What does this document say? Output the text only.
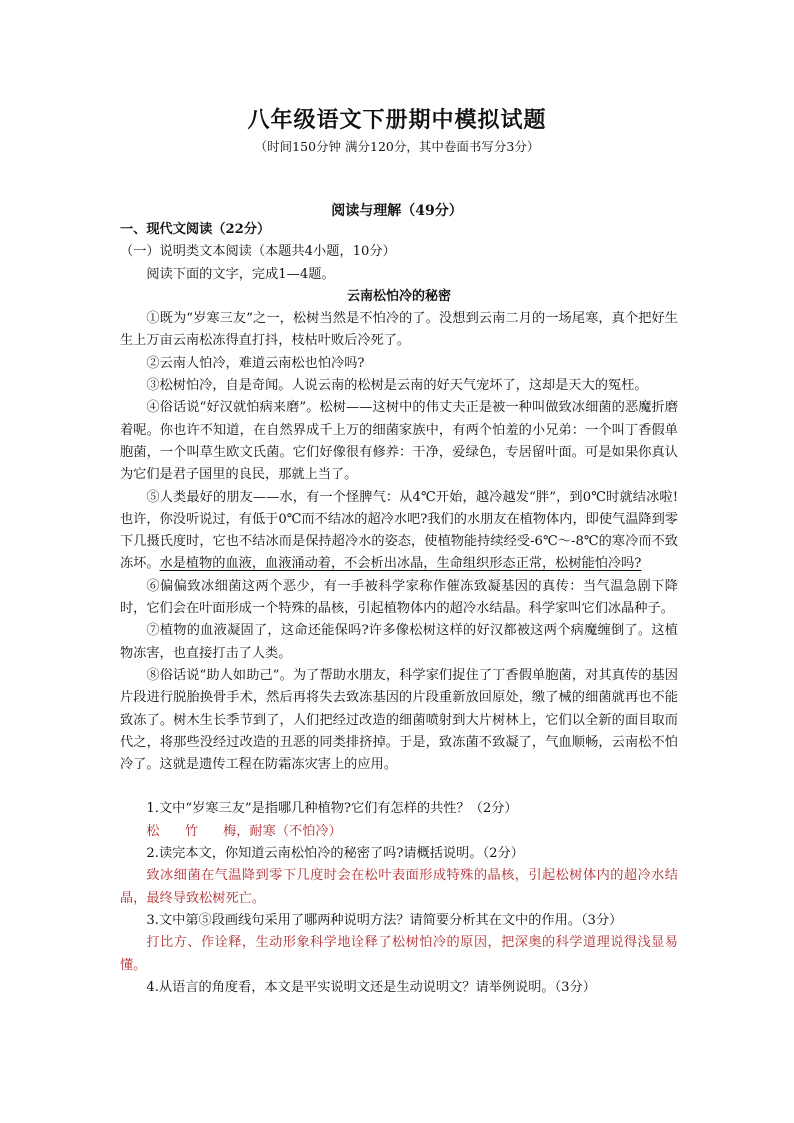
八年级语文下册期中模拟试题
（时间150分钟 满分120分，其中卷面书写分3分）
阅读与理解（49分）

一、现代文阅读（22分）

（一）说明类文本阅读（本题共4小题，10分）

阅读下面的文字，完成1—4题。

云南松怕冷的秘密

①既为“岁寒三友”之一，松树当然是不怕冷的了。没想到云南二月的一场尾寒，真个把好生生上万亩云南松冻得直打抖，枝枯叶败后冷死了。

②云南人怕冷，难道云南松也怕冷吗?

③松树怕冷，自是奇闻。人说云南的松树是云南的好天气宠坏了，这却是天大的冤枉。

④俗话说“好汉就怕病来磨”。松树——这树中的伟丈夫正是被一种叫做致冰细菌的恶魔折磨着呢。你也许不知道，在自然界成千上万的细菌家族中，有两个怕羞的小兄弟：一个叫丁香假单胞菌，一个叫草生欧文氏菌。它们好像很有修养：干净，爱绿色，专居留叶面。可是如果你真认为它们是君子国里的良民，那就上当了。

⑤人类最好的朋友——水，有一个怪脾气：从4℃开始，越冷越发“胖”，到0℃时就结冰啦!也许，你没听说过，有低于0℃而不结冰的超冷水吧?我们的水朋友在植物体内，即使气温降到零下几摄氏度时，它也不结冰而是保持超冷水的姿态，使植物能持续经受-6℃～-8℃的寒冷而不致冻坏。水是植物的血液，血液涌动着，不会析出冰晶，生命组织形态正常，松树能怕冷吗?

⑥偏偏致冰细菌这两个恶少，有一手被科学家称作催冻致凝基因的真传：当气温急剧下降时，它们会在叶面形成一个特殊的晶核，引起植物体内的超冷水结晶。科学家叫它们冰晶种子。

⑦植物的血液凝固了，这命还能保吗?许多像松树这样的好汉都被这两个病魔缠倒了。这植物冻害，也直接打击了人类。

⑧俗话说“助人如助己”。为了帮助水朋友，科学家们捉住了丁香假单胞菌，对其真传的基因片段进行脱胎换骨手术，然后再将失去致冻基因的片段重新放回原处，缴了械的细菌就再也不能致冻了。树木生长季节到了，人们把经过改造的细菌喷射到大片树林上，它们以全新的面目取而代之，将那些没经过改造的丑恶的同类排挤掉。于是，致冻菌不致凝了，气血顺畅，云南松不怕冷了。这就是遗传工程在防霜冻灾害上的应用。

1.文中“岁寒三友”是指哪几种植物?它们有怎样的共性？（2分）

松      竹      梅，耐寒（不怕冷）

2.读完本文，你知道云南松怕冷的秘密了吗?请概括说明。（2分）

致冰细菌在气温降到零下几度时会在松叶表面形成特殊的晶核，引起松树体内的超冷水结晶，最终导致松树死亡。

3.文中第⑤段画线句采用了哪两种说明方法？请简要分析其在文中的作用。（3分）

打比方、作诠释，生动形象科学地诠释了松树怕冷的原因，把深奥的科学道理说得浅显易懂。

4.从语言的角度看，本文是平实说明文还是生动说明文？请举例说明。（3分）
